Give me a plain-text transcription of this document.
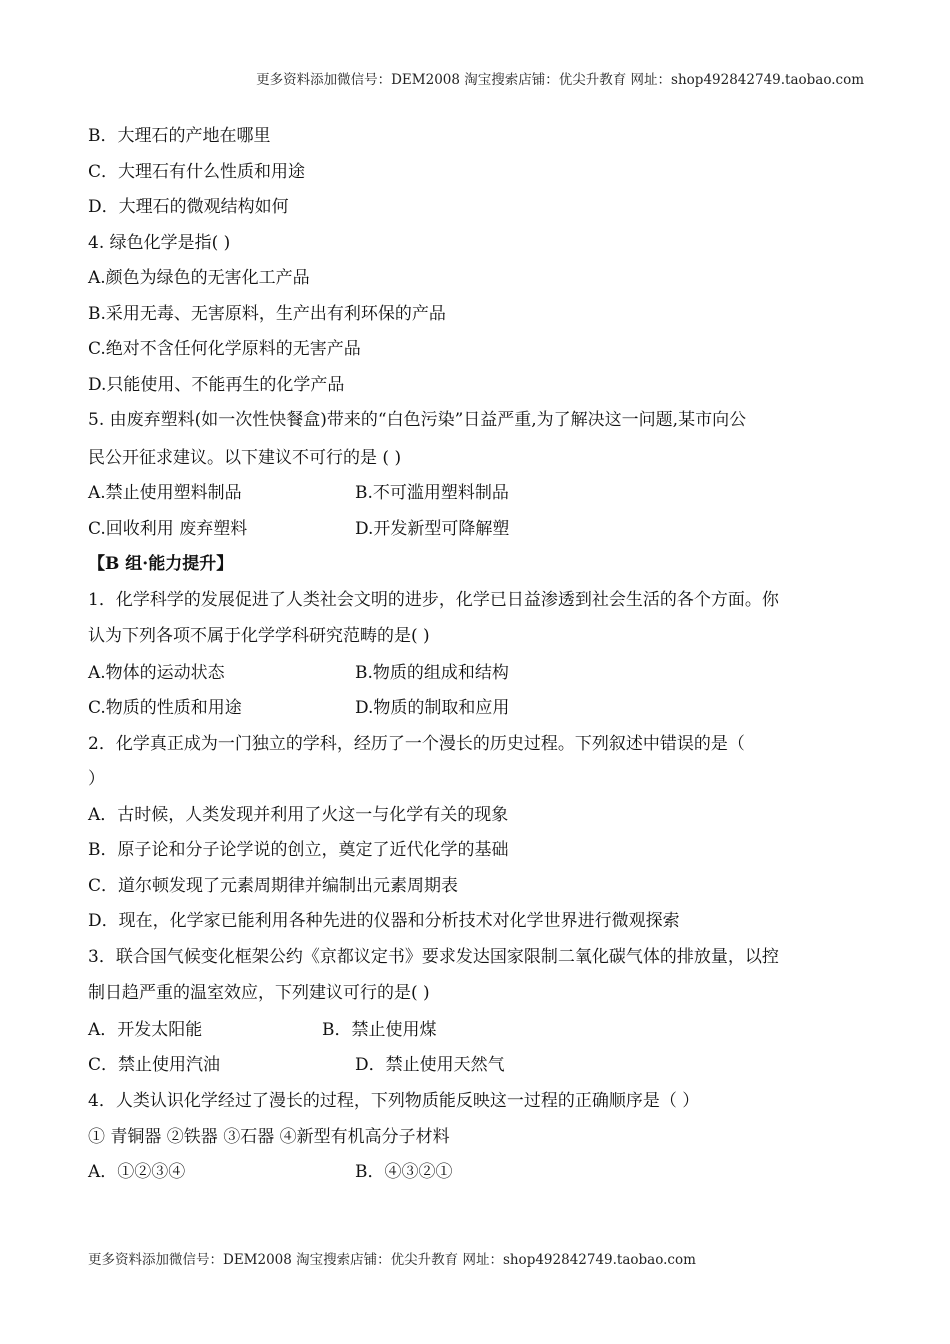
更多资料添加微信号：DEM2008 淘宝搜索店铺：优尖升教育 网址：shop492842749.taobao.com
B．大理石的产地在哪里
C．大理石有什么性质和用途
D．大理石的微观结构如何
4. 绿色化学是指( )
A.颜色为绿色的无害化工产品
B.采用无毒、无害原料，生产出有利环保的产品
C.绝对不含任何化学原料的无害产品
D.只能使用、不能再生的化学产品
5. 由废弃塑料(如一次性快餐盒)带来的“白色污染”日益严重,为了解决这一问题,某市向公
民公开征求建议。以下建议不可行的是 ( )
A.禁止使用塑料制品	B.不可滥用塑料制品
C.回收利用 废弃塑料	D.开发新型可降解塑
【B 组·能力提升】
1．化学科学的发展促进了人类社会文明的进步，化学已日益渗透到社会生活的各个方面。你
认为下列各项不属于化学学科研究范畴的是( )
A.物体的运动状态	B.物质的组成和结构
C.物质的性质和用途	D.物质的制取和应用
2．化学真正成为一门独立的学科，经历了一个漫长的历史过程。下列叙述中错误的是（
）
A．古时候，人类发现并利用了火这一与化学有关的现象
B．原子论和分子论学说的创立，奠定了近代化学的基础
C．道尔顿发现了元素周期律并编制出元素周期表
D．现在，化学家已能利用各种先进的仪器和分析技术对化学世界进行微观探索
3．联合国气候变化框架公约《京都议定书》要求发达国家限制二氧化碳气体的排放量，以控
制日趋严重的温室效应，下列建议可行的是( )
A．开发太阳能	B．禁止使用煤
C．禁止使用汽油	D．禁止使用天然气
4．人类认识化学经过了漫长的过程，下列物质能反映这一过程的正确顺序是（ ）
① 青铜器 ②铁器 ③石器 ④新型有机高分子材料
A．①②③④	B．④③②①
更多资料添加微信号：DEM2008 淘宝搜索店铺：优尖升教育 网址：shop492842749.taobao.com
